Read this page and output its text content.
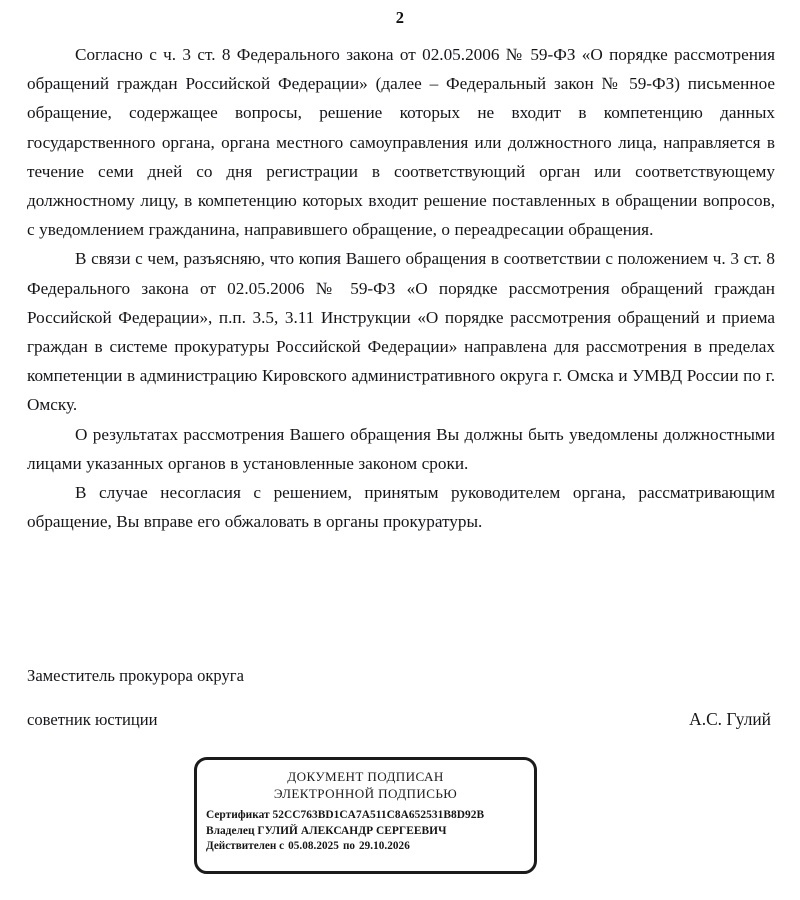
2

Согласно с ч. 3 ст. 8 Федерального закона от 02.05.2006 № 59-ФЗ «О порядке рассмотрения обращений граждан Российской Федерации» (далее – Федеральный закон № 59-ФЗ) письменное обращение, содержащее вопросы, решение которых не входит в компетенцию данных государственного органа, органа местного самоуправления или должностного лица, направляется в течение семи дней со дня регистрации в соответствующий орган или соответствующему должностному лицу, в компетенцию которых входит решение поставленных в обращении вопросов, с уведомлением гражданина, направившего обращение, о переадресации обращения.

В связи с чем, разъясняю, что копия Вашего обращения в соответствии с положением ч. 3 ст. 8 Федерального закона от 02.05.2006 № 59-ФЗ «О порядке рассмотрения обращений граждан Российской Федерации», п.п. 3.5, 3.11 Инструкции «О порядке рассмотрения обращений и приема граждан в системе прокуратуры Российской Федерации» направлена для рассмотрения в пределах компетенции в администрацию Кировского административного округа г. Омска и УМВД России по г. Омску.

О результатах рассмотрения Вашего обращения Вы должны быть уведомлены должностными лицами указанных органов в установленные законом сроки.

В случае несогласия с решением, принятым руководителем органа, рассматривающим обращение, Вы вправе его обжаловать в органы прокуратуры.

Заместитель прокурора округа
советник юстиции	А.С. Гулий
ДОКУМЕНТ ПОДПИСАН
ЭЛЕКТРОННОЙ ПОДПИСЬЮ
Сертификат 52CC763BD1CA7A511C8A652531B8D92B
Владелец ГУЛИЙ АЛЕКСАНДР СЕРГЕЕВИЧ
Действителен с 05.08.2025 по 29.10.2026
